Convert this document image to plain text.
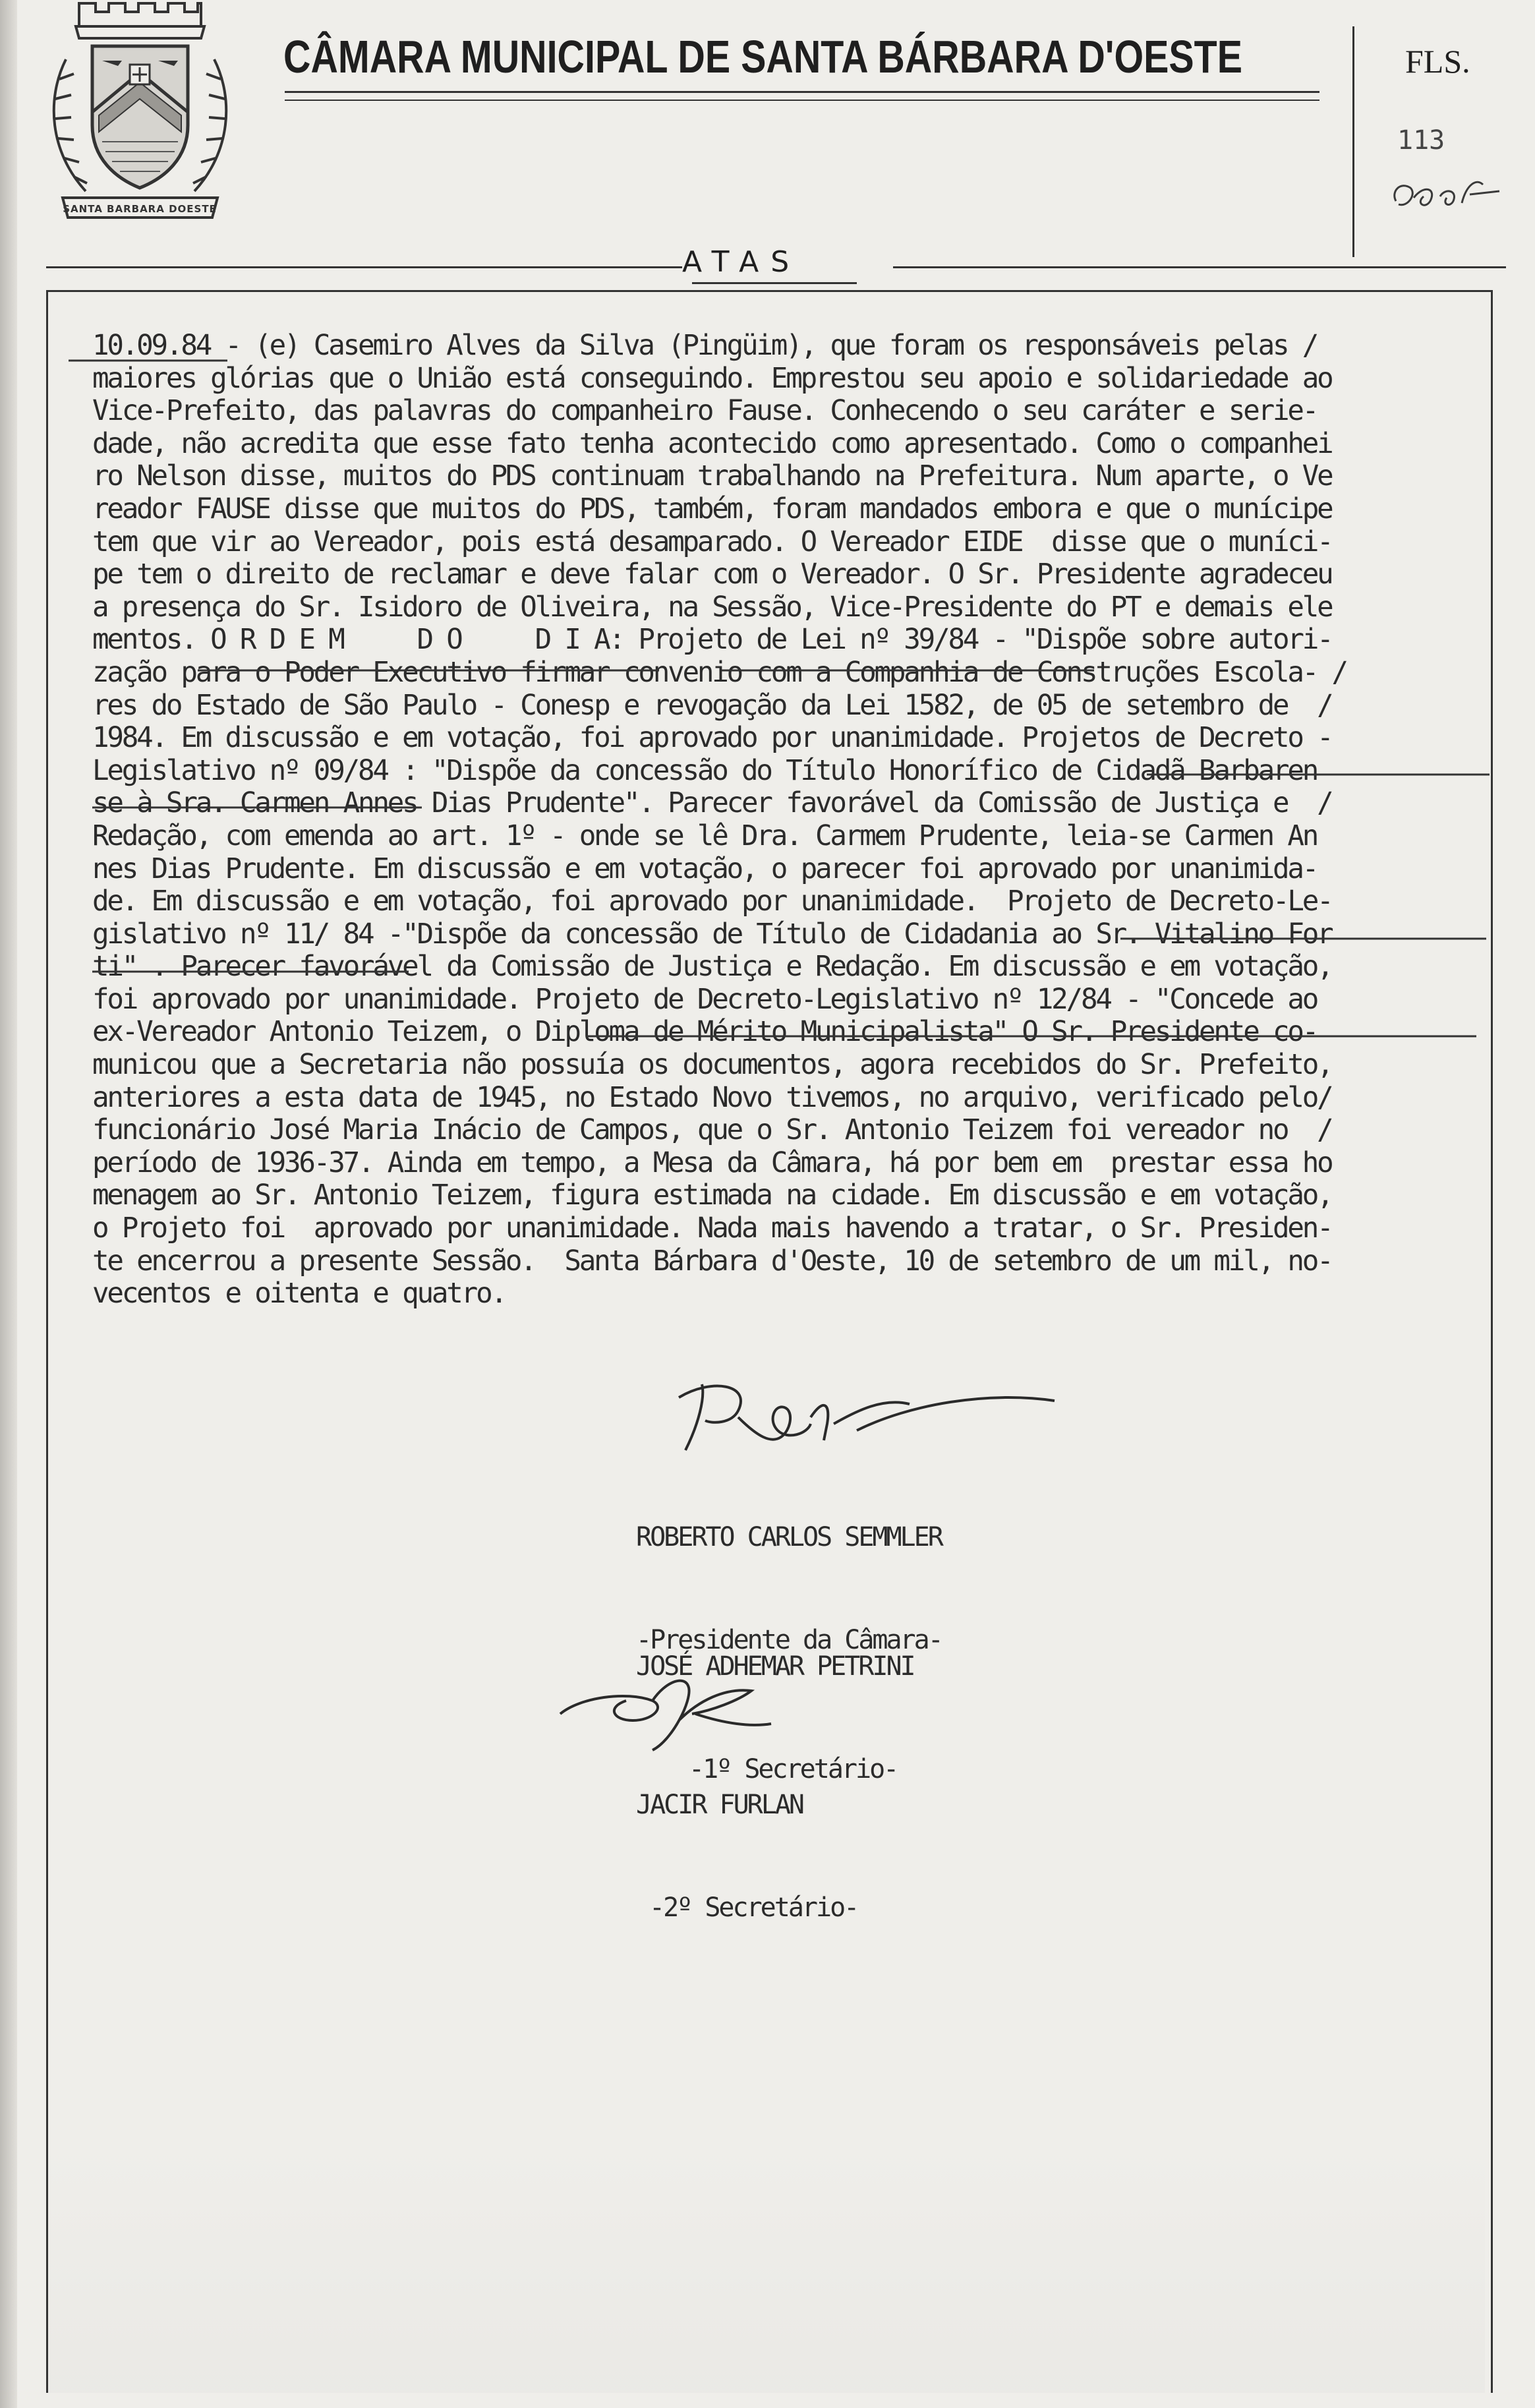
SANTA BARBARA DOESTE
CÂMARA MUNICIPAL DE SANTA BÁRBARA D'OESTE	FLS.
113
ATAS
10.09.84 - (e) Casemiro Alves da Silva (Pingüim), que foram os responsáveis pelas /
maiores glórias que o União está conseguindo. Emprestou seu apoio e solidariedade ao
Vice-Prefeito, das palavras do companheiro Fause. Conhecendo o seu caráter e serie-
dade, não acredita que esse fato tenha acontecido como apresentado. Como o companhei
ro Nelson disse, muitos do PDS continuam trabalhando na Prefeitura. Num aparte, o Ve
reador FAUSE disse que muitos do PDS, também, foram mandados embora e que o munícipe
tem que vir ao Vereador, pois está desamparado. O Vereador EIDE  disse que o muníci-
pe tem o direito de reclamar e deve falar com o Vereador. O Sr. Presidente agradeceu
a presença do Sr. Isidoro de Oliveira, na Sessão, Vice-Presidente do PT e demais ele
mentos. O R D E M     D O     D I A: Projeto de Lei nº 39/84 - "Dispõe sobre autori-
zação para o Poder Executivo firmar convenio com a Companhia de Construções Escola- /
res do Estado de São Paulo - Conesp e revogação da Lei 1582, de 05 de setembro de  /
1984. Em discussão e em votação, foi aprovado por unanimidade. Projetos de Decreto -
Legislativo nº 09/84 : "Dispõe da concessão do Título Honorífico de Cidadã Barbaren
se à Sra. Carmen Annes Dias Prudente". Parecer favorável da Comissão de Justiça e  /
Redação, com emenda ao art. 1º - onde se lê Dra. Carmem Prudente, leia-se Carmen An
nes Dias Prudente. Em discussão e em votação, o parecer foi aprovado por unanimida-
de. Em discussão e em votação, foi aprovado por unanimidade.  Projeto de Decreto-Le-
gislativo nº 11/ 84 -"Dispõe da concessão de Título de Cidadania ao Sr. Vitalino For
ti" . Parecer favorável da Comissão de Justiça e Redação. Em discussão e em votação,
foi aprovado por unanimidade. Projeto de Decreto-Legislativo nº 12/84 - "Concede ao
ex-Vereador Antonio Teizem, o Diploma de Mérito Municipalista" O Sr. Presidente co-
municou que a Secretaria não possuía os documentos, agora recebidos do Sr. Prefeito,
anteriores a esta data de 1945, no Estado Novo tivemos, no arquivo, verificado pelo/
funcionário José Maria Inácio de Campos, que o Sr. Antonio Teizem foi vereador no  /
período de 1936-37. Ainda em tempo, a Mesa da Câmara, há por bem em  prestar essa ho
menagem ao Sr. Antonio Teizem, figura estimada na cidade. Em discussão e em votação,
o Projeto foi  aprovado por unanimidade. Nada mais havendo a tratar, o Sr. Presiden-
te encerrou a presente Sessão.  Santa Bárbara d'Oeste, 10 de setembro de um mil, no-
vecentos e oitenta e quatro.

ROBERTO CARLOS SEMMLER

-Presidente da Câmara-

JOSÉ ADHEMAR PETRINI

-1º Secretário-

JACIR FURLAN

-2º Secretário-
